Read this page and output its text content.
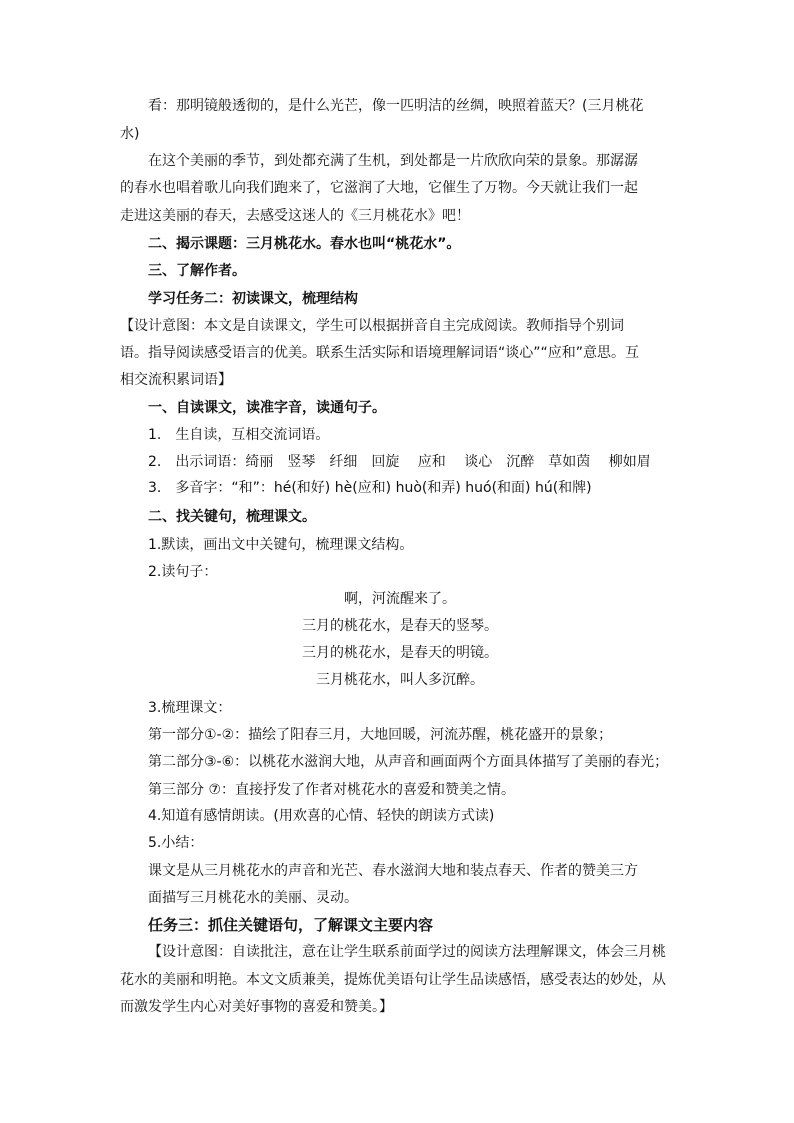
看：那明镜般透彻的，是什么光芒，像一匹明洁的丝绸，映照着蓝天？(三月桃花
水)
在这个美丽的季节，到处都充满了生机，到处都是一片欣欣向荣的景象。那潺潺
的春水也唱着歌儿向我们跑来了，它滋润了大地，它催生了万物。今天就让我们一起
走进这美丽的春天，去感受这迷人的《三月桃花水》吧！
二、揭示课题：三月桃花水。春水也叫“桃花水”。
三、了解作者。
学习任务二：初读课文，梳理结构
【设计意图：本文是自读课文，学生可以根据拼音自主完成阅读。教师指导个别词
语。指导阅读感受语言的优美。联系生活实际和语境理解词语“谈心”“应和”意思。互
相交流积累词语】
一、自读课文，读准字音，读通句子。
1.　生自读，互相交流词语。
2.　出示词语：绮丽　竖琴　纤细　回旋　 应和　 谈心　沉醉　草如茵　 柳如眉
3.　多音字：“和”：hé(和好) hè(应和) huò(和弄) huó(和面) hú(和牌)
二、找关键句，梳理课文。
1.默读，画出文中关键句，梳理课文结构。
2.读句子：
啊，河流醒来了。
三月的桃花水，是春天的竖琴。
三月的桃花水，是春天的明镜。
三月桃花水，叫人多沉醉。
3.梳理课文：
第一部分①-②：描绘了阳春三月，大地回暖，河流苏醒，桃花盛开的景象；
第二部分③-⑥：以桃花水滋润大地，从声音和画面两个方面具体描写了美丽的春光；
第三部分 ⑦：直接抒发了作者对桃花水的喜爱和赞美之情。
4.知道有感情朗读。(用欢喜的心情、轻快的朗读方式读)
5.小结：
课文是从三月桃花水的声音和光芒、春水滋润大地和装点春天、作者的赞美三方
面描写三月桃花水的美丽、灵动。
任务三：抓住关键语句，了解课文主要内容
【设计意图：自读批注，意在让学生联系前面学过的阅读方法理解课文，体会三月桃
花水的美丽和明艳。本文文质兼美，提炼优美语句让学生品读感悟，感受表达的妙处，从
而激发学生内心对美好事物的喜爱和赞美。】
